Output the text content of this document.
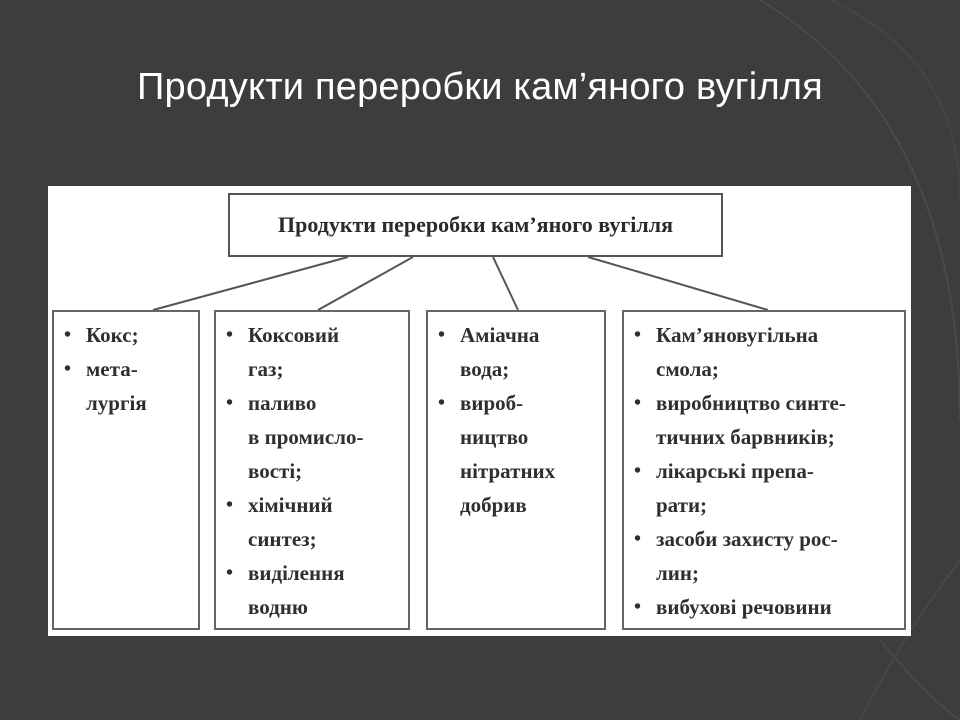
Продукти переробки кам’яного вугілля
Продукти переробки кам’яного вугілля
• Кокс;
• мета-
лургія
• Коксовий
газ;
• паливо
в промисло-
вості;
• хімічний
синтез;
• виділення
водню
• Аміачна
вода;
• вироб-
ництво
нітратних
добрив
• Кам’яновугільна
смола;
• виробництво синте-
тичних барвників;
• лікарські препа-
рати;
• засоби захисту рос-
лин;
• вибухові речовини
